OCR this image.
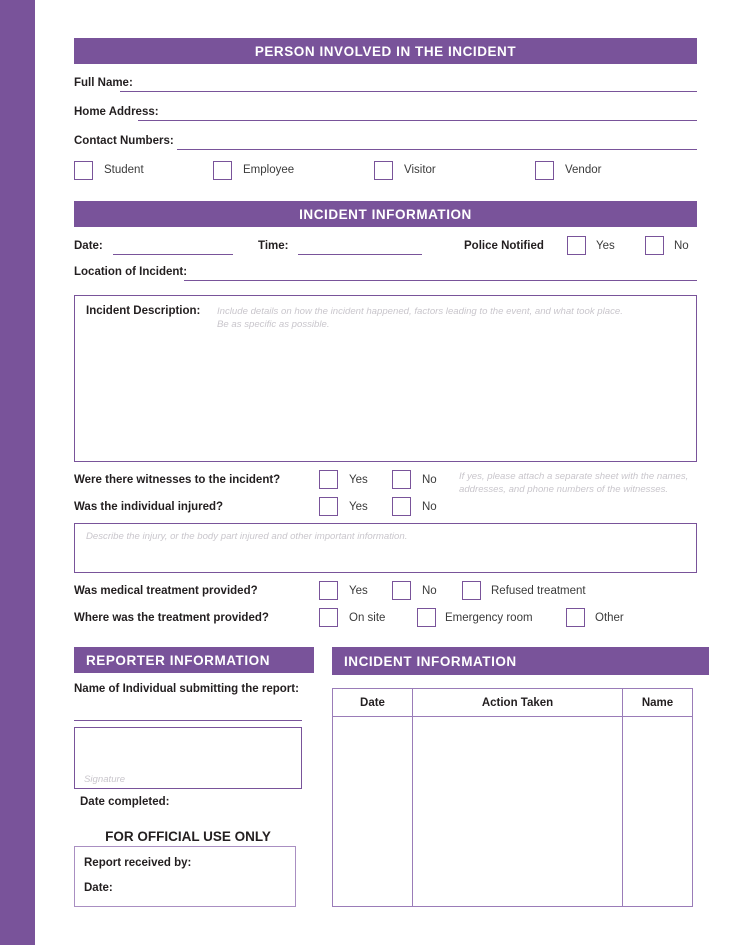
PERSON INVOLVED IN THE INCIDENT
Full Name:
Home Address:
Contact Numbers:
Student	Employee	Visitor	Vendor
INCIDENT INFORMATION
Date:	Time:	Police Notified	Yes	No
Location of Incident:
Incident Description: Include details on how the incident happened, factors leading to the event, and what took place.
Be as specific as possible.
Were there witnesses to the incident?	Yes	No If yes, please attach a separate sheet with the names,
addresses, and phone numbers of the witnesses.
Was the individual injured?	Yes	No
Describe the injury, or the body part injured and other important information.
Was medical treatment provided?	Yes	No	Refused treatment
Where was the treatment provided?	On site	Emergency room	Other
REPORTER INFORMATION
Name of Individual submitting the report:
Signature
Date completed:
FOR OFFICIAL USE ONLY
Report received by:
Date:
INCIDENT INFORMATION
Date	Action Taken	Name
